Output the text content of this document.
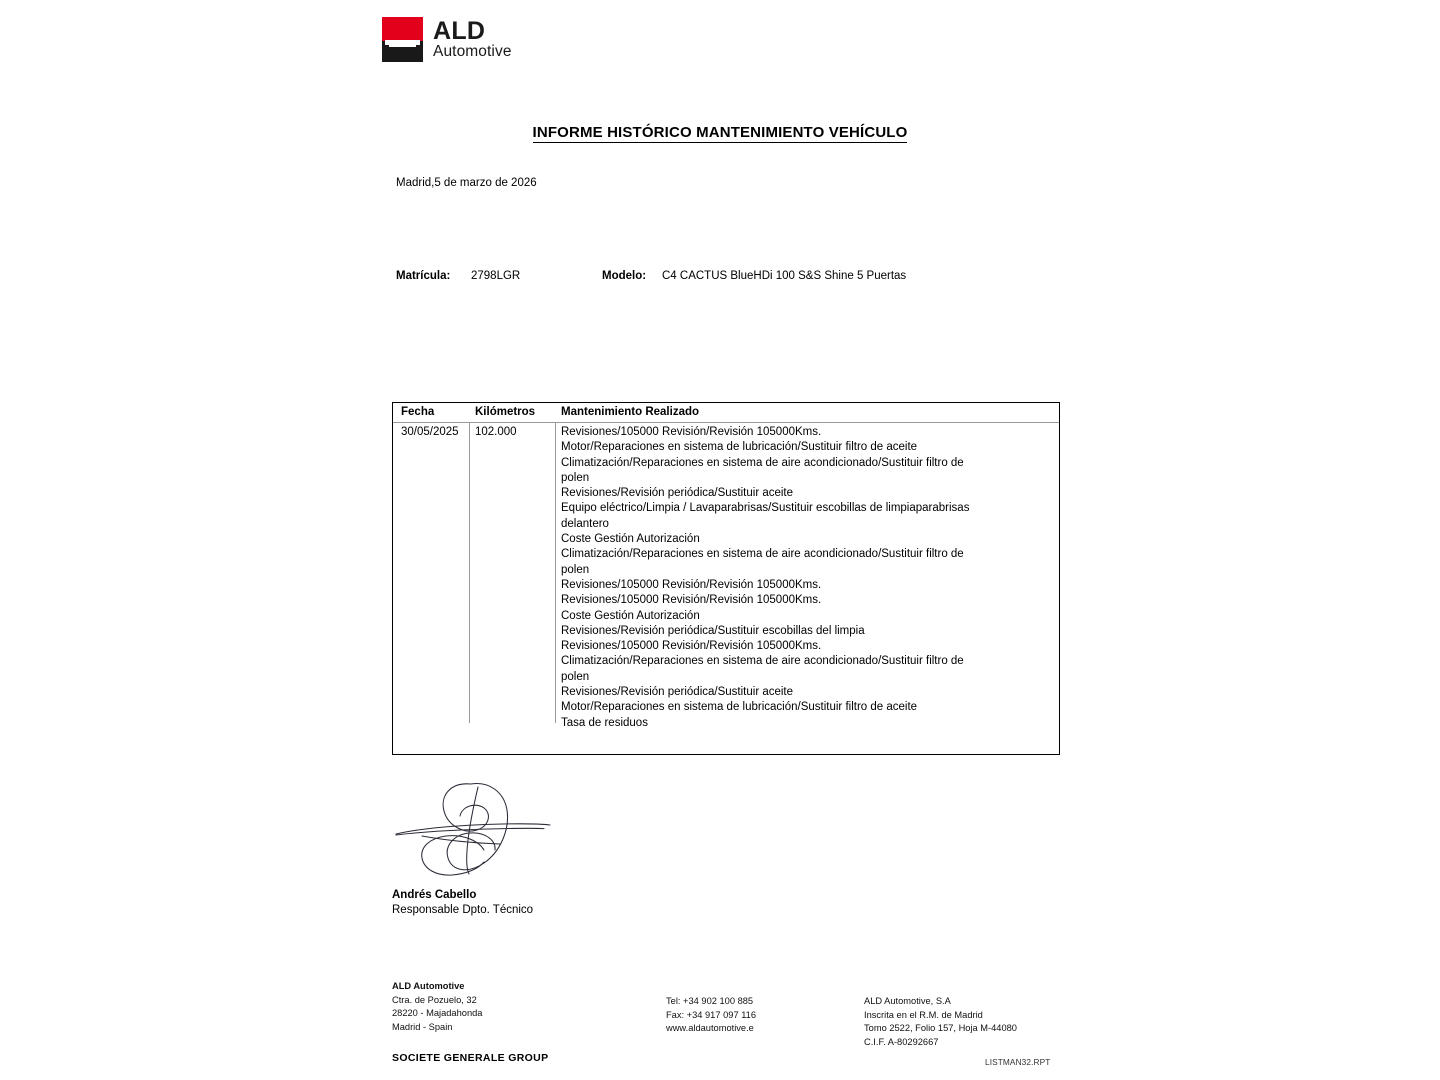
ALD
Automotive
INFORME HISTÓRICO MANTENIMIENTO VEHÍCULO
Madrid,5 de marzo de 2026
Matrícula: 2798LGR	Modelo: C4 CACTUS BlueHDi 100 S&S Shine 5 Puertas
Fecha	Kilómetros Mantenimiento Realizado
30/05/2025 102.000	Revisiones/105000 Revisión/Revisión 105000Kms.
Motor/Reparaciones en sistema de lubricación/Sustituir filtro de aceite
Climatización/Reparaciones en sistema de aire acondicionado/Sustituir filtro de polen
Revisiones/Revisión periódica/Sustituir aceite
Equipo eléctrico/Limpia / Lavaparabrisas/Sustituir escobillas de limpiaparabrisas delantero
Coste Gestión Autorización
Climatización/Reparaciones en sistema de aire acondicionado/Sustituir filtro de polen
Revisiones/105000 Revisión/Revisión 105000Kms.
Revisiones/105000 Revisión/Revisión 105000Kms.
Coste Gestión Autorización
Revisiones/Revisión periódica/Sustituir escobillas del limpia
Revisiones/105000 Revisión/Revisión 105000Kms.
Climatización/Reparaciones en sistema de aire acondicionado/Sustituir filtro de polen
Revisiones/Revisión periódica/Sustituir aceite
Motor/Reparaciones en sistema de lubricación/Sustituir filtro de aceite
Tasa de residuos
Andrés Cabello
Responsable Dpto. Técnico
ALD Automotive
Ctra. de Pozuelo, 32
28220 - Majadahonda
Madrid - Spain
Tel: +34 902 100 885
Fax: +34 917 097 116
www.aldautomotive.e
ALD Automotive, S.A
Inscrita en el R.M. de Madrid
Tomo 2522, Folio 157, Hoja M-44080
C.I.F. A-80292667
SOCIETE GENERALE GROUP	LISTMAN32.RPT
